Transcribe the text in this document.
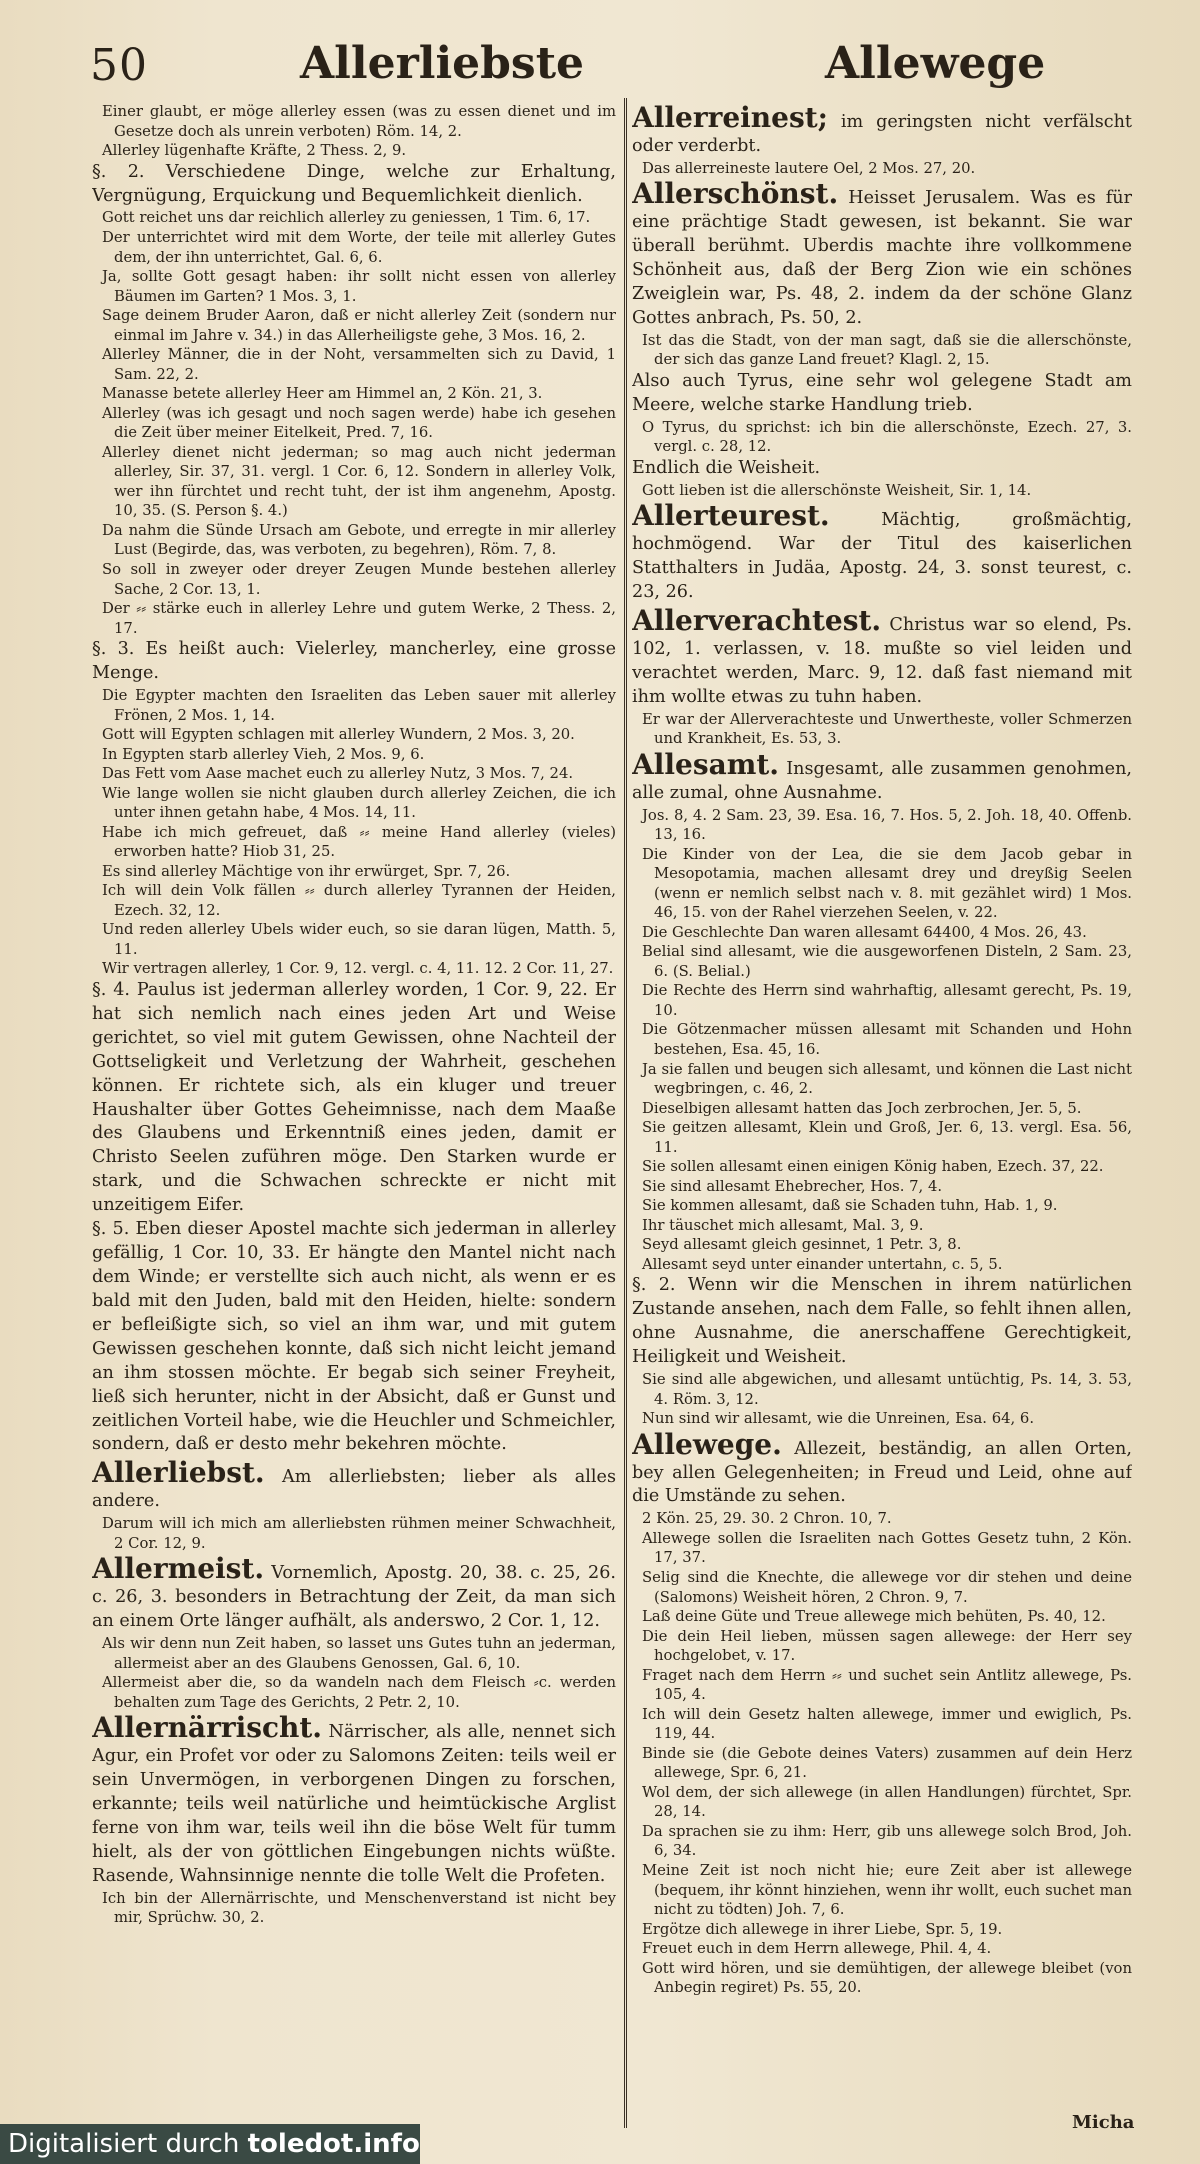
50	Allerliebste	Allewege

Einer glaubt, er möge allerley essen (was zu essen dienet und im Gesetze doch als unrein verboten) Röm. 14, 2.

Allerley lügenhafte Kräfte, 2 Thess. 2, 9.

§. 2. Verschiedene Dinge, welche zur Erhaltung, Vergnügung, Erquickung und Bequemlichkeit dienlich.

Gott reichet uns dar reichlich allerley zu geniessen, 1 Tim. 6, 17.

Der unterrichtet wird mit dem Worte, der teile mit allerley Gutes dem, der ihn unterrichtet, Gal. 6, 6.

Ja, sollte Gott gesagt haben: ihr sollt nicht essen von allerley Bäumen im Garten? 1 Mos. 3, 1.

Sage deinem Bruder Aaron, daß er nicht allerley Zeit (sondern nur einmal im Jahre v. 34.) in das Allerheiligste gehe, 3 Mos. 16, 2.

Allerley Männer, die in der Noht, versammelten sich zu David, 1 Sam. 22, 2.

Manasse betete allerley Heer am Himmel an, 2 Kön. 21, 3.

Allerley (was ich gesagt und noch sagen werde) habe ich gesehen die Zeit über meiner Eitelkeit, Pred. 7, 16.

Allerley dienet nicht jederman; so mag auch nicht jederman allerley, Sir. 37, 31. vergl. 1 Cor. 6, 12. Sondern in allerley Volk, wer ihn fürchtet und recht tuht, der ist ihm angenehm, Apostg. 10, 35. (S. Person §. 4.)

Da nahm die Sünde Ursach am Gebote, und erregte in mir allerley Lust (Begirde, das, was verboten, zu begehren), Röm. 7, 8.

So soll in zweyer oder dreyer Zeugen Munde bestehen allerley Sache, 2 Cor. 13, 1.

Der ⸗⸗ stärke euch in allerley Lehre und gutem Werke, 2 Thess. 2, 17.

§. 3. Es heißt auch: Vielerley, mancherley, eine grosse Menge.

Die Egypter machten den Israeliten das Leben sauer mit allerley Frönen, 2 Mos. 1, 14.

Gott will Egypten schlagen mit allerley Wundern, 2 Mos. 3, 20.

In Egypten starb allerley Vieh, 2 Mos. 9, 6.

Das Fett vom Aase machet euch zu allerley Nutz, 3 Mos. 7, 24.

Wie lange wollen sie nicht glauben durch allerley Zeichen, die ich unter ihnen getahn habe, 4 Mos. 14, 11.

Habe ich mich gefreuet, daß ⸗⸗ meine Hand allerley (vieles) erworben hatte? Hiob 31, 25.

Es sind allerley Mächtige von ihr erwürget, Spr. 7, 26.

Ich will dein Volk fällen ⸗⸗ durch allerley Tyrannen der Heiden, Ezech. 32, 12.

Und reden allerley Ubels wider euch, so sie daran lügen, Matth. 5, 11.

Wir vertragen allerley, 1 Cor. 9, 12. vergl. c. 4, 11. 12. 2 Cor. 11, 27.

§. 4. Paulus ist jederman allerley worden, 1 Cor. 9, 22. Er hat sich nemlich nach eines jeden Art und Weise gerichtet, so viel mit gutem Gewissen, ohne Nachteil der Gottseligkeit und Verletzung der Wahrheit, geschehen können. Er richtete sich, als ein kluger und treuer Haushalter über Gottes Geheimnisse, nach dem Maaße des Glaubens und Erkenntniß eines jeden, damit er Christo Seelen zuführen möge. Den Starken wurde er stark, und die Schwachen schreckte er nicht mit unzeitigem Eifer.

§. 5. Eben dieser Apostel machte sich jederman in allerley gefällig, 1 Cor. 10, 33. Er hängte den Mantel nicht nach dem Winde; er verstellte sich auch nicht, als wenn er es bald mit den Juden, bald mit den Heiden, hielte: sondern er befleißigte sich, so viel an ihm war, und mit gutem Gewissen geschehen konnte, daß sich nicht leicht jemand an ihm stossen möchte. Er begab sich seiner Freyheit, ließ sich herunter, nicht in der Absicht, daß er Gunst und zeitlichen Vorteil habe, wie die Heuchler und Schmeichler, sondern, daß er desto mehr bekehren möchte.

Allerliebst. Am allerliebsten; lieber als alles andere.

Darum will ich mich am allerliebsten rühmen meiner Schwachheit, 2 Cor. 12, 9.

Allermeist. Vornemlich, Apostg. 20, 38. c. 25, 26. c. 26, 3. besonders in Betrachtung der Zeit, da man sich an einem Orte länger aufhält, als anderswo, 2 Cor. 1, 12.

Als wir denn nun Zeit haben, so lasset uns Gutes tuhn an jederman, allermeist aber an des Glaubens Genossen, Gal. 6, 10.

Allermeist aber die, so da wandeln nach dem Fleisch ⸗c. werden behalten zum Tage des Gerichts, 2 Petr. 2, 10.

Allernärrischt. Närrischer, als alle, nennet sich Agur, ein Profet vor oder zu Salomons Zeiten: teils weil er sein Unvermögen, in verborgenen Dingen zu forschen, erkannte; teils weil natürliche und heimtückische Arglist ferne von ihm war, teils weil ihn die böse Welt für tumm hielt, als der von göttlichen Eingebungen nichts wüßte. Rasende, Wahnsinnige nennte die tolle Welt die Profeten.

Ich bin der Allernärrischte, und Menschenverstand ist nicht bey mir, Sprüchw. 30, 2.

Allerreinest; im geringsten nicht verfälscht oder verderbt.

Das allerreineste lautere Oel, 2 Mos. 27, 20.

Allerschönst. Heisset Jerusalem. Was es für eine prächtige Stadt gewesen, ist bekannt. Sie war überall berühmt. Uberdis machte ihre vollkommene Schönheit aus, daß der Berg Zion wie ein schönes Zweiglein war, Ps. 48, 2. indem da der schöne Glanz Gottes anbrach, Ps. 50, 2.

Ist das die Stadt, von der man sagt, daß sie die allerschönste, der sich das ganze Land freuet? Klagl. 2, 15.

Also auch Tyrus, eine sehr wol gelegene Stadt am Meere, welche starke Handlung trieb.

O Tyrus, du sprichst: ich bin die allerschönste, Ezech. 27, 3. vergl. c. 28, 12.

Endlich die Weisheit.

Gott lieben ist die allerschönste Weisheit, Sir. 1, 14.

Allerteurest. Mächtig, großmächtig, hochmögend. War der Titul des kaiserlichen Statthalters in Judäa, Apostg. 24, 3. sonst teurest, c. 23, 26.

Allerverachtest. Christus war so elend, Ps. 102, 1. verlassen, v. 18. mußte so viel leiden und verachtet werden, Marc. 9, 12. daß fast niemand mit ihm wollte etwas zu tuhn haben.

Er war der Allerverachteste und Unwertheste, voller Schmerzen und Krankheit, Es. 53, 3.

Allesamt. Insgesamt, alle zusammen genohmen, alle zumal, ohne Ausnahme.

Jos. 8, 4. 2 Sam. 23, 39. Esa. 16, 7. Hos. 5, 2. Joh. 18, 40. Offenb. 13, 16.

Die Kinder von der Lea, die sie dem Jacob gebar in Mesopotamia, machen allesamt drey und dreyßig Seelen (wenn er nemlich selbst nach v. 8. mit gezählet wird) 1 Mos. 46, 15. von der Rahel vierzehen Seelen, v. 22.

Die Geschlechte Dan waren allesamt 64400, 4 Mos. 26, 43.

Belial sind allesamt, wie die ausgeworfenen Disteln, 2 Sam. 23, 6. (S. Belial.)

Die Rechte des Herrn sind wahrhaftig, allesamt gerecht, Ps. 19, 10.

Die Götzenmacher müssen allesamt mit Schanden und Hohn bestehen, Esa. 45, 16.

Ja sie fallen und beugen sich allesamt, und können die Last nicht wegbringen, c. 46, 2.

Dieselbigen allesamt hatten das Joch zerbrochen, Jer. 5, 5.

Sie geitzen allesamt, Klein und Groß, Jer. 6, 13. vergl. Esa. 56, 11.

Sie sollen allesamt einen einigen König haben, Ezech. 37, 22.

Sie sind allesamt Ehebrecher, Hos. 7, 4.

Sie kommen allesamt, daß sie Schaden tuhn, Hab. 1, 9.

Ihr täuschet mich allesamt, Mal. 3, 9.

Seyd allesamt gleich gesinnet, 1 Petr. 3, 8.

Allesamt seyd unter einander untertahn, c. 5, 5.

§. 2. Wenn wir die Menschen in ihrem natürlichen Zustande ansehen, nach dem Falle, so fehlt ihnen allen, ohne Ausnahme, die anerschaffene Gerechtigkeit, Heiligkeit und Weisheit.

Sie sind alle abgewichen, und allesamt untüchtig, Ps. 14, 3. 53, 4. Röm. 3, 12.

Nun sind wir allesamt, wie die Unreinen, Esa. 64, 6.

Allewege. Allezeit, beständig, an allen Orten, bey allen Gelegenheiten; in Freud und Leid, ohne auf die Umstände zu sehen.

2 Kön. 25, 29. 30. 2 Chron. 10, 7.

Allewege sollen die Israeliten nach Gottes Gesetz tuhn, 2 Kön. 17, 37.

Selig sind die Knechte, die allewege vor dir stehen und deine (Salomons) Weisheit hören, 2 Chron. 9, 7.

Laß deine Güte und Treue allewege mich behüten, Ps. 40, 12.

Die dein Heil lieben, müssen sagen allewege: der Herr sey hochgelobet, v. 17.

Fraget nach dem Herrn ⸗⸗ und suchet sein Antlitz allewege, Ps. 105, 4.

Ich will dein Gesetz halten allewege, immer und ewiglich, Ps. 119, 44.

Binde sie (die Gebote deines Vaters) zusammen auf dein Herz allewege, Spr. 6, 21.

Wol dem, der sich allewege (in allen Handlungen) fürchtet, Spr. 28, 14.

Da sprachen sie zu ihm: Herr, gib uns allewege solch Brod, Joh. 6, 34.

Meine Zeit ist noch nicht hie; eure Zeit aber ist allewege (bequem, ihr könnt hinziehen, wenn ihr wollt, euch suchet man nicht zu tödten) Joh. 7, 6.

Ergötze dich allewege in ihrer Liebe, Spr. 5, 19.

Freuet euch in dem Herrn allewege, Phil. 4, 4.

Gott wird hören, und sie demühtigen, der allewege bleibet (von Anbegin regiret) Ps. 55, 20.

Micha
Digitalisiert durch toledot.info
